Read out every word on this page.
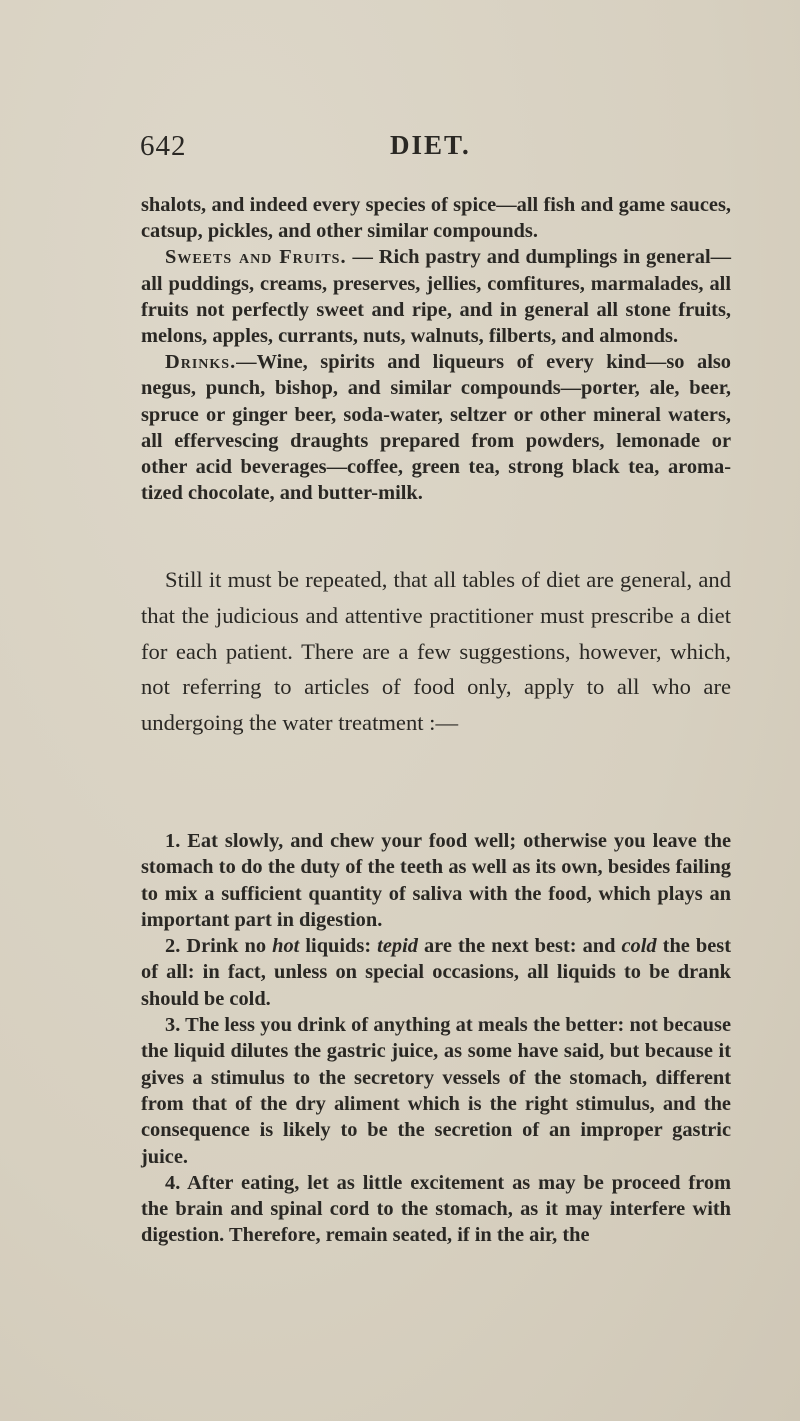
642	DIET.

shalots, and indeed every species of spice—all fish and game sauces, catsup, pickles, and other similar compounds.

Sweets and Fruits. — Rich pastry and dumplings in general—all puddings, creams, preserves, jellies, comfitures, marmalades, all fruits not perfectly sweet and ripe, and in general all stone fruits, melons, apples, currants, nuts, walnuts, filberts, and almonds.

Drinks.—Wine, spirits and liqueurs of every kind—so also negus, punch, bishop, and similar compounds—porter, ale, beer, spruce or ginger beer, soda-water, seltzer or other mineral waters, all effervescing draughts prepared from powders, lemonade or other acid beverages—coffee, green tea, strong black tea, aromatized chocolate, and butter-milk.

Still it must be repeated, that all tables of diet are general, and that the judicious and attentive practitioner must prescribe a diet for each patient. There are a few suggestions, however, which, not referring to articles of food only, apply to all who are undergoing the water treatment :—

1. Eat slowly, and chew your food well; otherwise you leave the stomach to do the duty of the teeth as well as its own, besides failing to mix a sufficient quantity of saliva with the food, which plays an important part in digestion.

2. Drink no hot liquids: tepid are the next best: and cold the best of all: in fact, unless on special occasions, all liquids to be drank should be cold.

3. The less you drink of anything at meals the better: not because the liquid dilutes the gastric juice, as some have said, but because it gives a stimulus to the secretory vessels of the stomach, different from that of the dry aliment which is the right stimulus, and the consequence is likely to be the secretion of an improper gastric juice.

4. After eating, let as little excitement as may be proceed from the brain and spinal cord to the stomach, as it may interfere with digestion. Therefore, remain seated, if in the air, the
